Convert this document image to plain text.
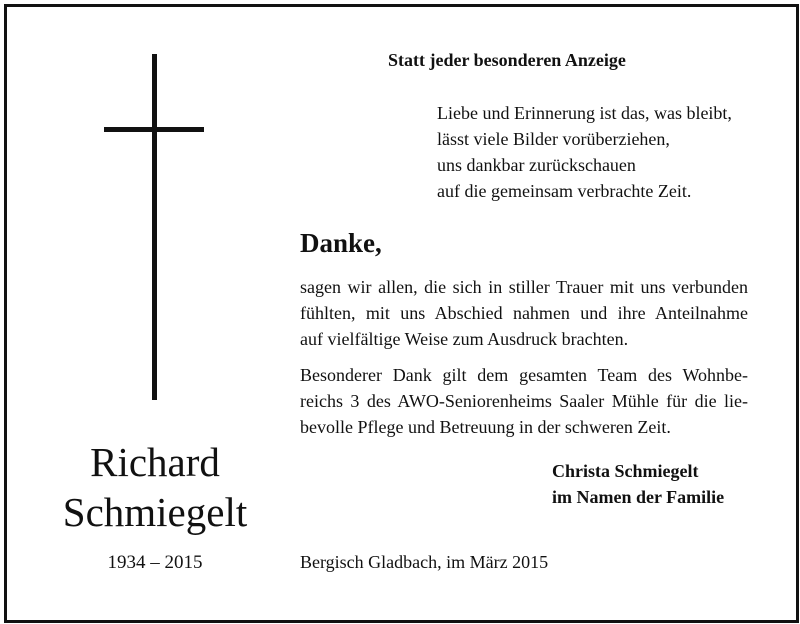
Richard
Schmiegelt
1934 – 2015
Statt jeder besonderen Anzeige
Liebe und Erinnerung ist das, was bleibt,
lässt viele Bilder vorüberziehen,
uns dankbar zurückschauen
auf die gemeinsam verbrachte Zeit.
Danke,
sagen wir allen, die sich in stiller Trauer mit uns verbunden
fühlten, mit uns Abschied nahmen und ihre Anteilnahme
auf vielfältige Weise zum Ausdruck brachten.
Besonderer Dank gilt dem gesamten Team des Wohnbe-
reichs 3 des AWO-Seniorenheims Saaler Mühle für die lie-
bevolle Pflege und Betreuung in der schweren Zeit.
Christa Schmiegelt
im Namen der Familie
Bergisch Gladbach, im März 2015
